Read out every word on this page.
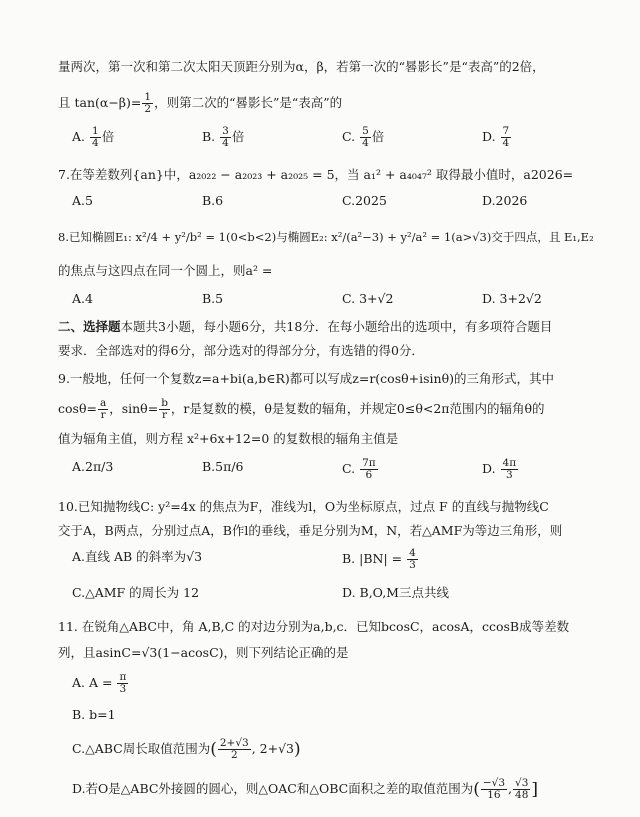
量两次，第一次和第二次太阳天顶距分别为α，β，若第一次的“晷影长”是“表高”的2倍，
且 $\tan(\alpha-\beta)= \frac{1}{2}$ ，则第二次的“晷影长”是“表高”的
A. $\frac{1}{4}$ 倍	B. $\frac{3}{4}$ 倍	C. $\frac{5}{4}$ 倍	D. $\frac{7}{4}$
7.在等差数列{an}中，a₂₀₂₂ − a₂₀₂₃ + a₂₀₂₅ = 5，当 a₁² + a₄₀₄₇² 取得最小值时，a2026=
A.5	B.6	C.2025	D.2026
8.已知椭圆E₁: x²/4 + y²/b² = 1(0<b<2)与椭圆E₂: x²/(a²−3) + y²/a² = 1(a>√3)交于四点，且 E₁,E₂
的焦点与这四点在同一个圆上，则a² =
A.4	B.5	C. 3+√2	D. 3+2√2
二、选择题本题共3小题，每小题6分，共18分．在每小题给出的选项中，有多项符合题目
要求．全部选对的得6分，部分选对的得部分分，有选错的得0分．
9.一般地，任何一个复数z=a+bi(a,b∈R)都可以写成z=r(cosθ+isinθ)的三角形式，其中
$\cos\theta= \frac{a}{r}$ ，$\sin\theta= \frac{b}{r}$ ，r是复数的模，θ是复数的辐角，并规定0≤θ<2π范围内的辐角θ的
值为辐角主值，则方程 x²+6x+12=0 的复数根的辐角主值是
A.2π/3	B.5π/6	C. $\frac{7\pi}{6}$	D. $\frac{4\pi}{3}$
10.已知抛物线C: y²=4x 的焦点为F，准线为l，O为坐标原点，过点 F 的直线与抛物线C
交于A，B两点，分别过点A，B作l的垂线，垂足分别为M，N，若△AMF为等边三角形，则
A.直线 AB 的斜率为√3	B. $|BN| = \frac{4}{3}$
C.△AMF 的周长为 12	D. B,O,M三点共线
11. 在锐角△ABC中，角 A,B,C 的对边分别为a,b,c．已知bcosC，acosA，ccosB成等差数
列，且asinC=√3(1−acosC)，则下列结论正确的是
A. $A = \frac{\pi}{3}$
B. b=1
C.△ABC周长取值范围为( $\frac{2+√3}{2}$ , 2+√3)
D.若O是△ABC外接圆的圆心，则△OAC和△OBC面积之差的取值范围为( $\frac{-√3}{16}$ , $\frac{√3}{48}$ ]
